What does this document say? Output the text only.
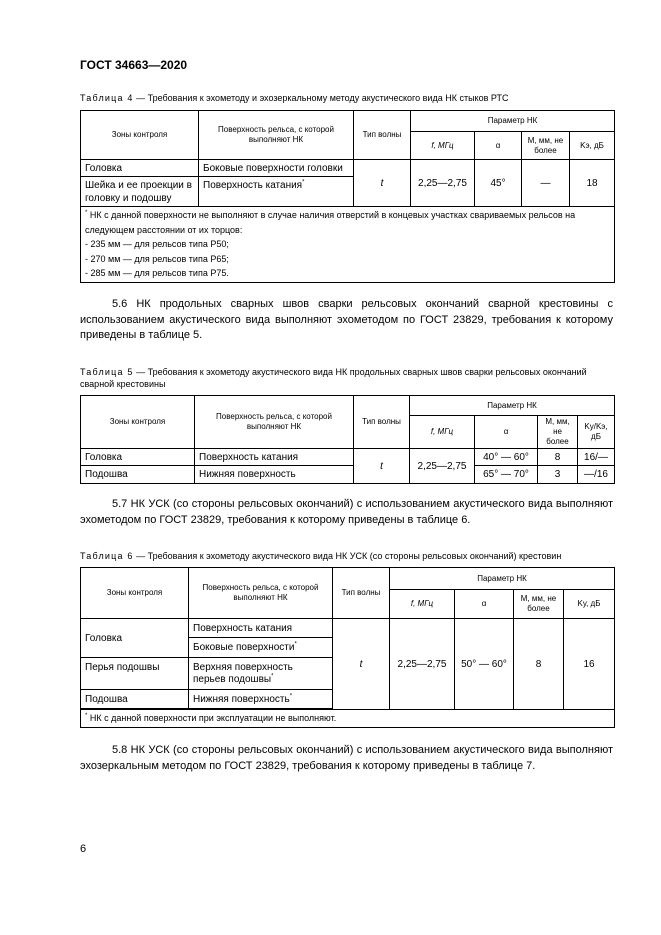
ГОСТ 34663—2020
Таблица 4 — Требования к эхометоду и эхозеркальному методу акустического вида НК стыков РТС
Зоны контроля	Поверхность рельса, с которой выполняют НК	Тип волны	Параметр НК			
			f, МГц	α	М, мм, не более	Kэ, дБ
Головка	Боковые поверхности головки	t	2,25—2,75	45°	—	18
Шейка и ее проекции в головку и подошву	Поверхность катания*

* НК с данной поверхности не выполняют в случае наличия отверстий в концевых участках свариваемых рельсов на следующем расстоянии от их торцов:
- 235 мм — для рельсов типа Р50;
- 270 мм — для рельсов типа Р65;
- 285 мм — для рельсов типа Р75.						
5.6 НК продольных сварных швов сварки рельсовых окончаний сварной крестовины с использованием акустического вида выполняют эхометодом по ГОСТ 23829, требования к которому приведены в таблице 5.
Таблица 5 — Требования к эхометоду акустического вида НК продольных сварных швов сварки рельсовых окончаний сварной крестовины
Зоны контроля	Поверхность рельса, с которой выполняют НК	Тип волны	Параметр НК			
			f, МГц	α	М, мм, не более	Kу/Kэ, дБ
Головка	Поверхность катания	t	2,25—2,75	40° — 60°	8	16/—
Подошва	Нижняя поверхность			65° — 70°	3	—/16
5.7 НК УСК (со стороны рельсовых окончаний) с использованием акустического вида выполняют эхометодом по ГОСТ 23829, требования к которому приведены в таблице 6.
Таблица 6 — Требования к эхометоду акустического вида НК УСК (со стороны рельсовых окончаний) крестовин
Зоны контроля	Поверхность рельса, с которой выполняют НК	Тип волны	Параметр НК			
			f, МГц	α	М, мм, не более	Kу, дБ
Головка	Поверхность катания	t	2,25—2,75	50° — 60°	8	16
	Боковые поверхности*
Перья подошвы	Верхняя поверхность перьев подошвы*
Подошва	Нижняя поверхность*

* НК с данной поверхности при эксплуатации не выполняют.						
5.8 НК УСК (со стороны рельсовых окончаний) с использованием акустического вида выполняют эхозеркальным методом по ГОСТ 23829, требования к которому приведены в таблице 7.
6
